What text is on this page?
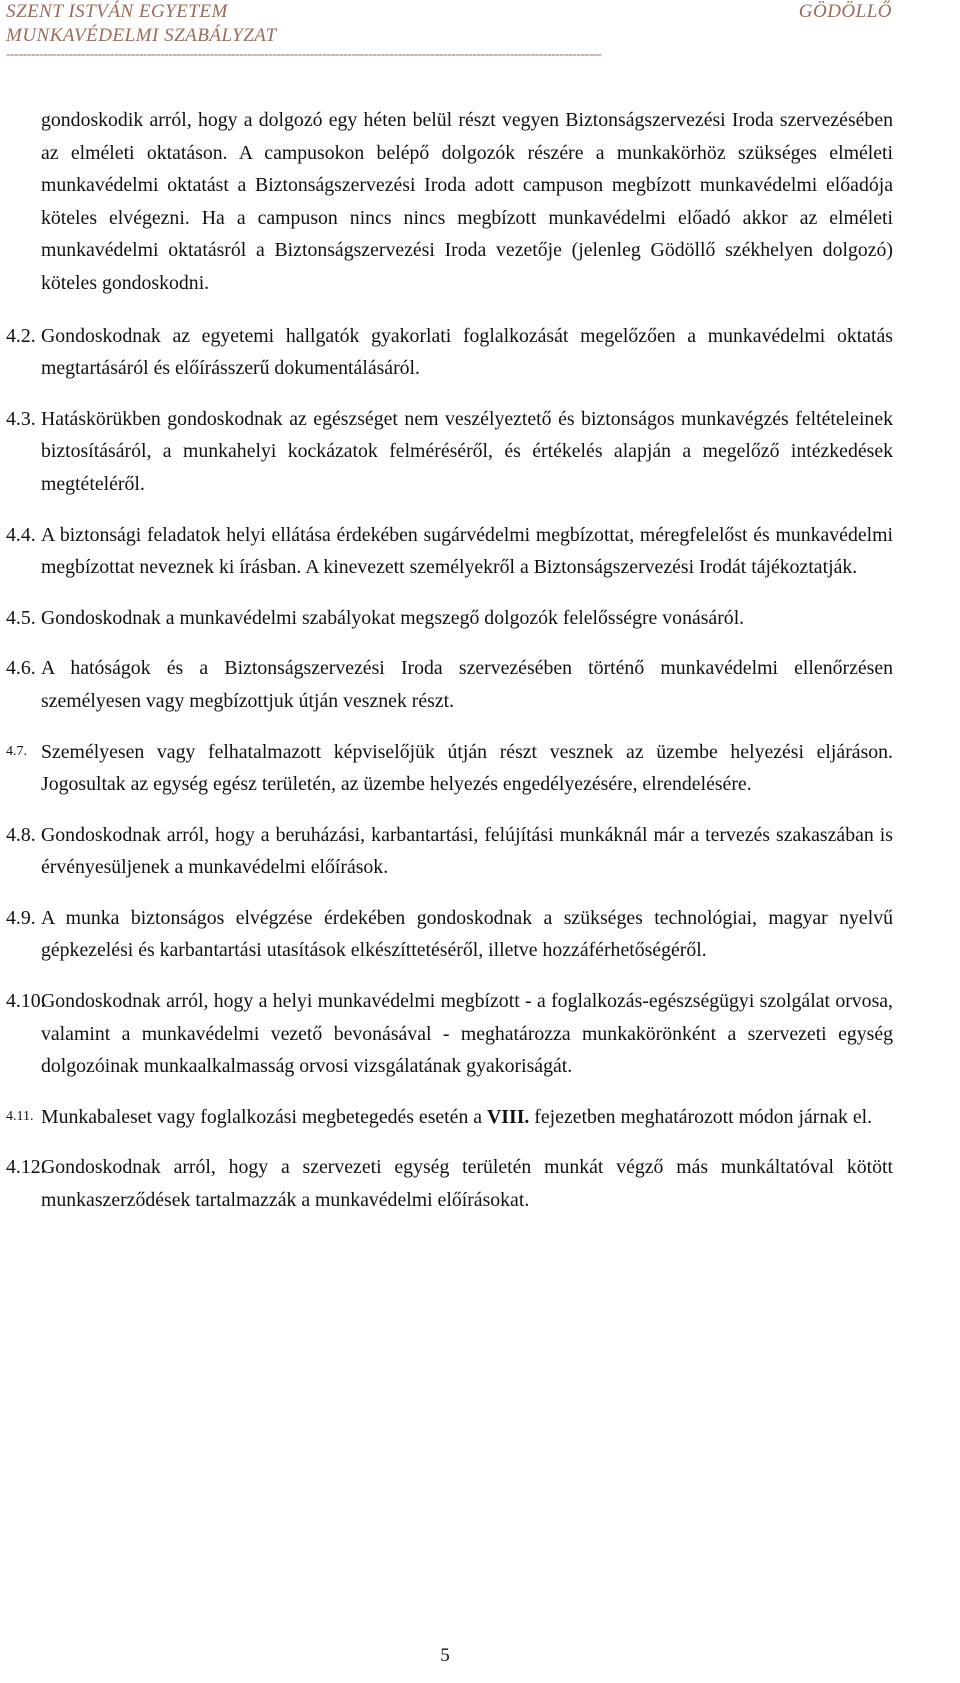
SZENT ISTVÁN EGYETEM	GÖDÖLLŐ
MUNKAVÉDELMI SZABÁLYZAT
-----------------------------------------------------------------------------------------------------------------------------------------------

gondoskodik arról, hogy a dolgozó egy héten belül részt vegyen Biztonságszervezési Iroda szervezésében az elméleti oktatáson. A campusokon belépő dolgozók részére a munkakörhöz szükséges elméleti munkavédelmi oktatást a Biztonságszervezési Iroda adott campuson megbízott munkavédelmi előadója köteles elvégezni. Ha a campuson nincs nincs megbízott munkavédelmi előadó akkor az elméleti munkavédelmi oktatásról a Biztonságszervezési Iroda vezetője (jelenleg Gödöllő székhelyen dolgozó) köteles gondoskodni.

4.2. Gondoskodnak az egyetemi hallgatók gyakorlati foglalkozását megelőzően a munkavédelmi oktatás megtartásáról és előírásszerű dokumentálásáról.
4.3. Hatáskörükben gondoskodnak az egészséget nem veszélyeztető és biztonságos munkavégzés feltételeinek biztosításáról, a munkahelyi kockázatok felméréséről, és értékelés alapján a megelőző intézkedések megtételéről.
4.4. A biztonsági feladatok helyi ellátása érdekében sugárvédelmi megbízottat, méregfelelőst és munkavédelmi megbízottat neveznek ki írásban. A kinevezett személyekről a Biztonságszervezési Irodát tájékoztatják.
4.5. Gondoskodnak a munkavédelmi szabályokat megszegő dolgozók felelősségre vonásáról.
4.6. A hatóságok és a Biztonságszervezési Iroda szervezésében történő munkavédelmi ellenőrzésen személyesen vagy megbízottjuk útján vesznek részt.
4.7. Személyesen vagy felhatalmazott képviselőjük útján részt vesznek az üzembe helyezési eljáráson. Jogosultak az egység egész területén, az üzembe helyezés engedélyezésére, elrendelésére.
4.8. Gondoskodnak arról, hogy a beruházási, karbantartási, felújítási munkáknál már a tervezés szakaszában is érvényesüljenek a munkavédelmi előírások.
4.9. A munka biztonságos elvégzése érdekében gondoskodnak a szükséges technológiai, magyar nyelvű gépkezelési és karbantartási utasítások elkészíttetéséről, illetve hozzáférhetőségéről.
4.10.
Gondoskodnak arról, hogy a helyi munkavédelmi megbízott - a foglalkozás-egészségügyi szolgálat orvosa, valamint a munkavédelmi vezető bevonásával - meghatározza munkakörönként a szervezeti egység dolgozóinak munkaalkalmasság orvosi vizsgálatának gyakoriságát.
4.11. Munkabaleset vagy foglalkozási megbetegedés esetén a VIII. fejezetben meghatározott módon járnak el.
4.12.
Gondoskodnak arról, hogy a szervezeti egység területén munkát végző más munkáltatóval kötött munkaszerződések tartalmazzák a munkavédelmi előírásokat.
5
